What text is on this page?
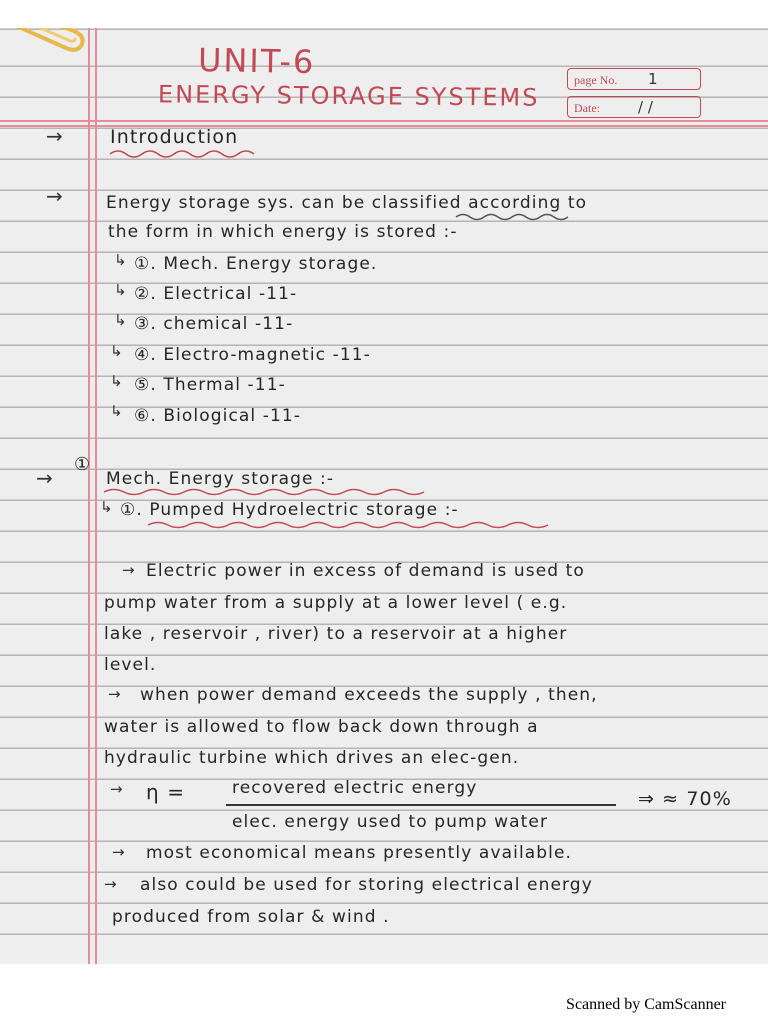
UNIT-6
ENERGY STORAGE SYSTEMS
page No. 1
Date:	/ /
→ Introduction
→	Energy storage sys. can be classified according to
the form in which energy is stored :-
↳ ①. Mech. Energy storage.
↳ ②. Electrical -11-
↳ ③. chemical -11-
↳ ④. Electro-magnetic -11-
↳ ⑤. Thermal -11-
↳ ⑥. Biological -11-
→
①
Mech. Energy storage :-
↳ ①. Pumped Hydroelectric storage :-
→ Electric power in excess of demand is used to
pump water from a supply at a lower level ( e.g.
lake , reservoir , river) to a reservoir at a higher
level.
→ when power demand exceeds the supply , then,
water is allowed to flow back down through a
hydraulic turbine which drives an elec-gen.
→ η =	recovered electric energy
elec. energy used to pump water
⇒ ≈ 70%
→ most economical means presently available.
→ also could be used for storing electrical energy
produced from solar & wind .
Scanned by CamScanner
